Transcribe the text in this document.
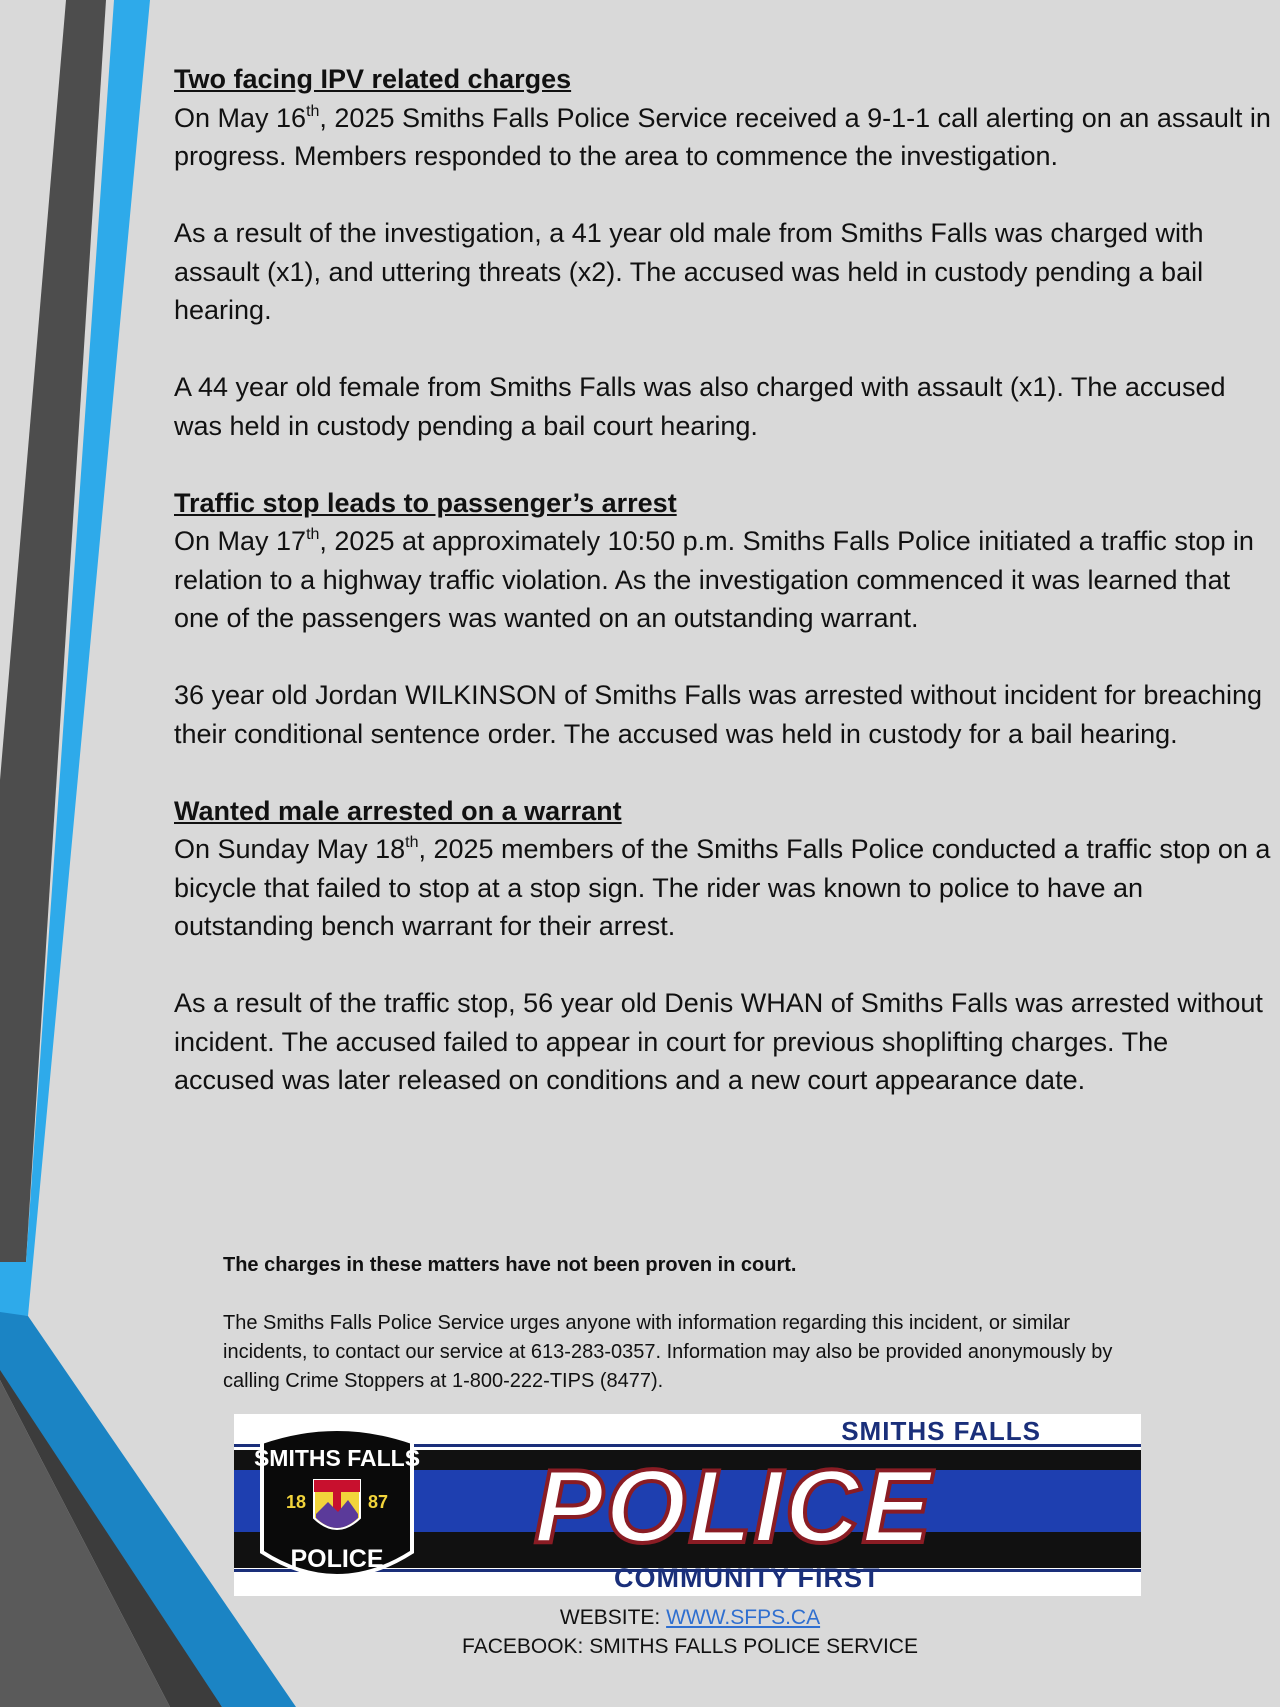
Two facing IPV related charges
On May 16th, 2025 Smiths Falls Police Service received a 9-1-1 call alerting on an assault in progress. Members responded to the area to commence the investigation.
As a result of the investigation, a 41 year old male from Smiths Falls was charged with assault (x1), and uttering threats (x2). The accused was held in custody pending a bail hearing.
A 44 year old female from Smiths Falls was also charged with assault (x1). The accused was held in custody pending a bail court hearing.
Traffic stop leads to passenger’s arrest
On May 17th, 2025 at approximately 10:50 p.m. Smiths Falls Police initiated a traffic stop in relation to a highway traffic violation. As the investigation commenced it was learned that one of the passengers was wanted on an outstanding warrant.
36 year old Jordan WILKINSON of Smiths Falls was arrested without incident for breaching their conditional sentence order. The accused was held in custody for a bail hearing.
Wanted male arrested on a warrant
On Sunday May 18th, 2025 members of the Smiths Falls Police conducted a traffic stop on a bicycle that failed to stop at a stop sign. The rider was known to police to have an outstanding bench warrant for their arrest.
As a result of the traffic stop, 56 year old Denis WHAN of Smiths Falls was arrested without incident. The accused failed to appear in court for previous shoplifting charges. The accused was later released on conditions and a new court appearance date.
The charges in these matters have not been proven in court.
The Smiths Falls Police Service urges anyone with information regarding this incident, or similar incidents, to contact our service at 613-283-0357. Information may also be provided anonymously by calling Crime Stoppers at 1-800-222-TIPS (8477).
SMITHS FALLS
POLICE
COMMUNITY FIRST
SMITHS FALLS
18	87
POLICE
WEBSITE: WWW.SFPS.CA
FACEBOOK: SMITHS FALLS POLICE SERVICE
